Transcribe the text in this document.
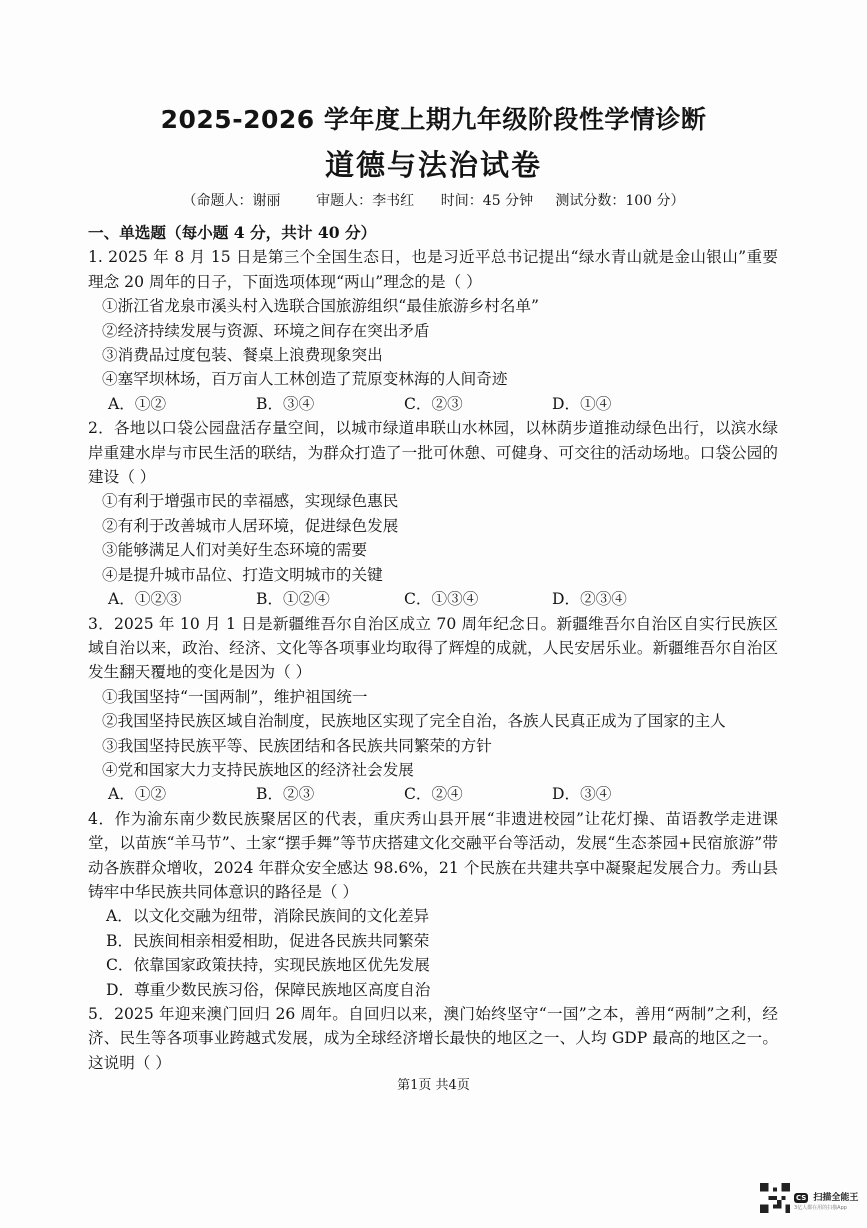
2025-2026 学年度上期九年级阶段性学情诊断
道德与法治试卷
（命题人：谢丽        审题人：李书红      时间：45 分钟     测试分数：100 分）
一、单选题（每小题 4 分，共计 40 分）

1. 2025 年 8 月 15 日是第三个全国生态日，也是习近平总书记提出“绿水青山就是金山银山”重要理念 20 周年的日子，下面选项体现“两山”理念的是（ ）

①浙江省龙泉市溪头村入选联合国旅游组织“最佳旅游乡村名单”
②经济持续发展与资源、环境之间存在突出矛盾
③消费品过度包装、餐桌上浪费现象突出
④塞罕坝林场，百万亩人工林创造了荒原变林海的人间奇迹
A．①②	B．③④	C．②③	D．①④

2．各地以口袋公园盘活存量空间，以城市绿道串联山水林园，以林荫步道推动绿色出行，以滨水绿岸重建水岸与市民生活的联结，为群众打造了一批可休憩、可健身、可交往的活动场地。口袋公园的建设（ ）

①有利于增强市民的幸福感，实现绿色惠民
②有利于改善城市人居环境，促进绿色发展
③能够满足人们对美好生态环境的需要
④是提升城市品位、打造文明城市的关键
A．①②③	B．①②④	C．①③④	D．②③④

3．2025 年 10 月 1 日是新疆维吾尔自治区成立 70 周年纪念日。新疆维吾尔自治区自实行民族区域自治以来，政治、经济、文化等各项事业均取得了辉煌的成就，人民安居乐业。新疆维吾尔自治区发生翻天覆地的变化是因为（ ）

①我国坚持“一国两制”，维护祖国统一
②我国坚持民族区域自治制度，民族地区实现了完全自治，各族人民真正成为了国家的主人
③我国坚持民族平等、民族团结和各民族共同繁荣的方针
④党和国家大力支持民族地区的经济社会发展
A．①②	B．②③	C．②④	D．③④

4．作为渝东南少数民族聚居区的代表，重庆秀山县开展“非遗进校园”让花灯操、苗语教学走进课堂，以苗族“羊马节”、土家“摆手舞”等节庆搭建文化交融平台等活动，发展“生态茶园+民宿旅游”带动各族群众增收，2024 年群众安全感达 98.6%，21 个民族在共建共享中凝聚起发展合力。秀山县铸牢中华民族共同体意识的路径是（ ）

A．以文化交融为纽带，消除民族间的文化差异
B．民族间相亲相爱相助，促进各民族共同繁荣
C．依靠国家政策扶持，实现民族地区优先发展
D．尊重少数民族习俗，保障民族地区高度自治

5．2025 年迎来澳门回归 26 周年。自回归以来，澳门始终坚守“一国”之本，善用“两制”之利，经济、民生等各项事业跨越式发展，成为全球经济增长最快的地区之一、人均 GDP 最高的地区之一。这说明（ ）

第1页 共4页
CS 扫描全能王
3亿人都在用的扫描App
